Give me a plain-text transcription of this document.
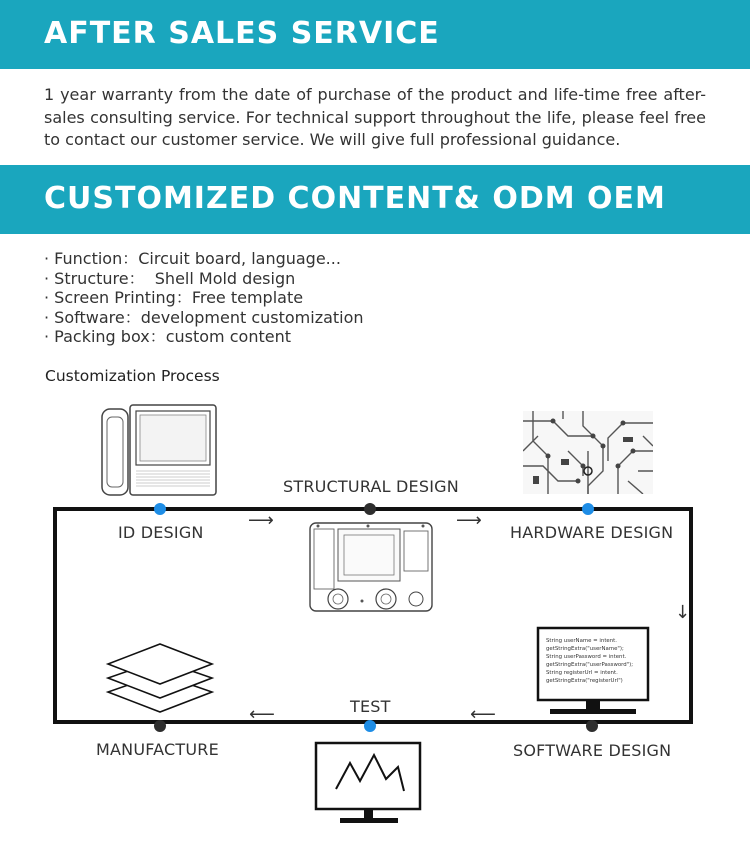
AFTER SALES SERVICE

1 year warranty from the date of purchase of the product and life-time free after-sales consulting service. For technical support throughout the life, please feel free to contact our customer service. We will give full professional guidance.

CUSTOMIZED CONTENT& ODM OEM
· Function：Circuit board, language...
· Structure：  Shell Mold design
· Screen Printing：Free template
· Software：development customization
· Packing box：custom content

Customization Process

ID DESIGN
STRUCTURAL DESIGN
HARDWARE DESIGN
SOFTWARE DESIGN
TEST
MANUFACTURE
⟶	⟶
↓
⟵
⟵
String userName = intent.
getStringExtra("userName");
String userPassword = intent.
getStringExtra("userPassword");
String registerUrl = intent.
getStringExtra("registerUrl")
